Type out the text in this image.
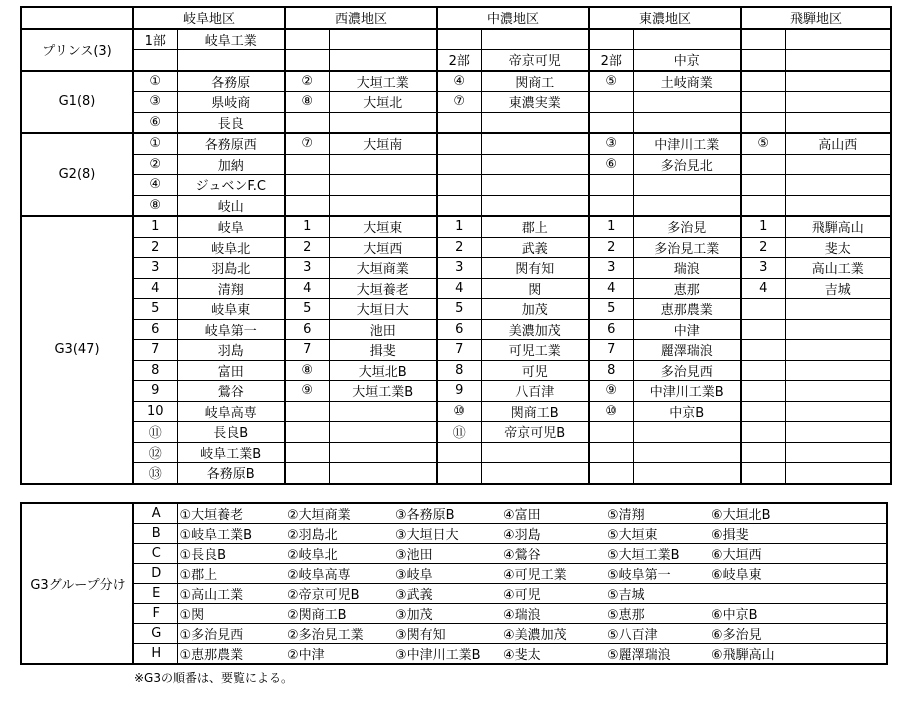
	岐阜地区		西濃地区		中濃地区		東濃地区		飛騨地区	
プリンス(3)	1部	岐阜工業								
					2部	帝京可児	2部	中京		
G1(8)	①	各務原	②	大垣工業	④	関商工	⑤	土岐商業		
	③	県岐商	⑧	大垣北	⑦	東濃実業				
	⑥	長良								
G2(8)	①	各務原西	⑦	大垣南			③	中津川工業	⑤	高山西
	②	加納					⑥	多治見北		
	④	ジュベンF.C								
	⑧	岐山								
G3(47)	1	岐阜	1	大垣東	1	郡上	1	多治見	1	飛騨高山
	2	岐阜北	2	大垣西	2	武義	2	多治見工業	2	斐太
	3	羽島北	3	大垣商業	3	関有知	3	瑞浪	3	高山工業
	4	清翔	4	大垣養老	4	関	4	恵那	4	吉城
	5	岐阜東	5	大垣日大	5	加茂	5	恵那農業		
	6	岐阜第一	6	池田	6	美濃加茂	6	中津		
	7	羽島	7	揖斐	7	可児工業	7	麗澤瑞浪		
	8	富田	⑧	大垣北B	8	可児	8	多治見西		
	9	鶯谷	⑨	大垣工業B	9	八百津	⑨	中津川工業B		
	10	岐阜高専			⑩	関商工B	⑩	中京B		
	⑪	長良B			⑪	帝京可児B				
	⑫	岐阜工業B								
	⑬	各務原B								
G3グループ分け	A	①大垣養老	②大垣商業	③各務原B	④富田	⑤清翔	⑥大垣北B	
	B	①岐阜工業B	②羽島北	③大垣日大	④羽島	⑤大垣東	⑥揖斐	
	C	①長良B	②岐阜北	③池田	④鶯谷	⑤大垣工業B	⑥大垣西	
	D	①郡上	②岐阜高専	③岐阜	④可児工業	⑤岐阜第一	⑥岐阜東	
	E	①高山工業	②帝京可児B	③武義	④可児	⑤吉城		
	F	①関	②関商工B	③加茂	④瑞浪	⑤恵那	⑥中京B	
	G	①多治見西	②多治見工業	③関有知	④美濃加茂	⑤八百津	⑥多治見	
	H	①恵那農業	②中津	③中津川工業B	④斐太	⑤麗澤瑞浪	⑥飛騨高山	
※G3の順番は、要覧による。
